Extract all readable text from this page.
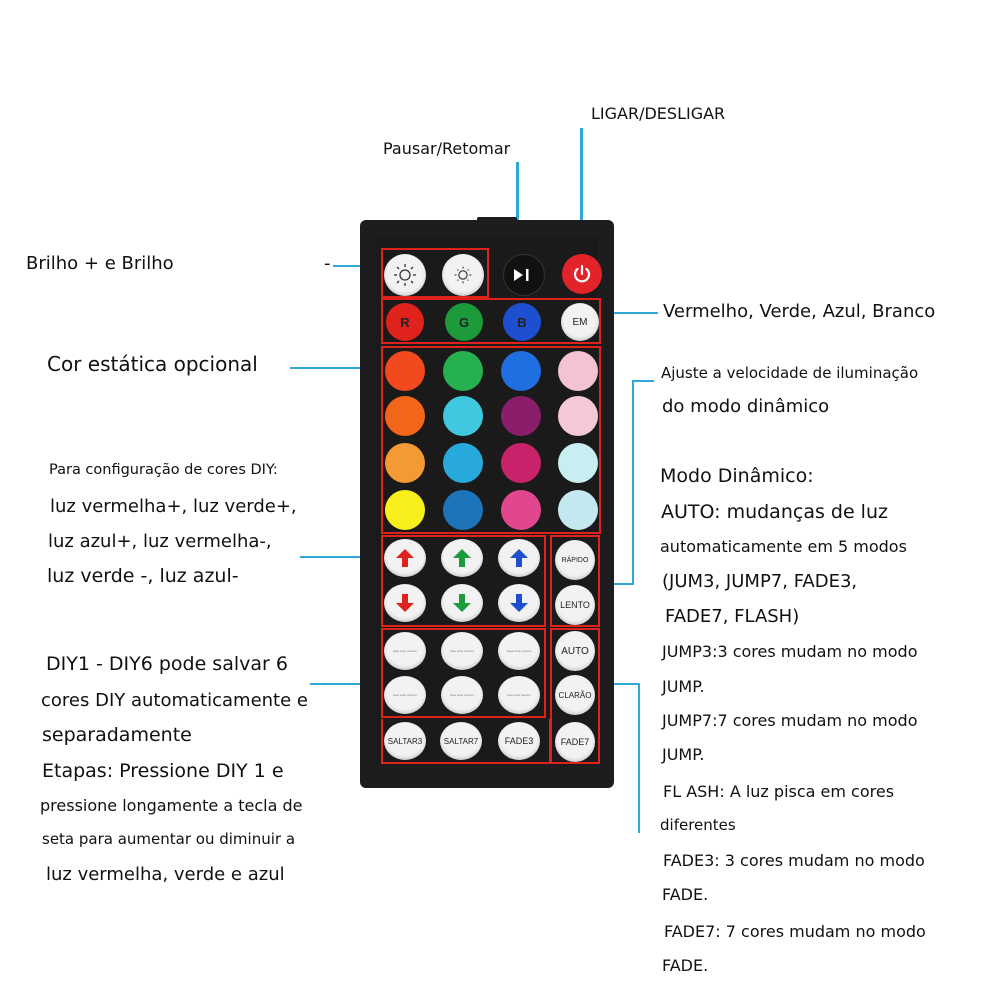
LIGAR/DESLIGAR
Pausar/Retomar
Brilho + e Brilho	-
Vermelho, Verde, Azul, Branco
Cor estática opcional	Ajuste a velocidade de iluminação
do modo dinâmico
Para configuração de cores DIY:
luz vermelha+, luz verde+,
luz azul+, luz vermelha-,
luz verde -, luz azul-
DIY1 - DIY6 pode salvar 6
cores DIY automaticamente e
separadamente
Etapas: Pressione DIY 1 e
pressione longamente a tecla de
seta para aumentar ou diminuir a
luz vermelha, verde e azul
Modo Dinâmico:
AUTO: mudanças de luz
automaticamente em 5 modos
(JUM3, JUMP7, FADE3,
FADE7, FLASH)
JUMP3:3 cores mudam no modo
JUMP.
JUMP7:7 cores mudam no modo
JUMP.
FL ASH: A luz pisca em cores
diferentes
FADE3: 3 cores mudam no modo
FADE.
FADE7: 7 cores mudam no modo
FADE.
R	G	B	EM
RÁPIDO
LENTO
faça você mesmo	faça você mesmo	Faça você mesmo
faça você mesmo	faça você mesmo	faça você mesmo
AUTO
CLARÃO
SALTAR3	SALTAR7	FADE3	FADE7
